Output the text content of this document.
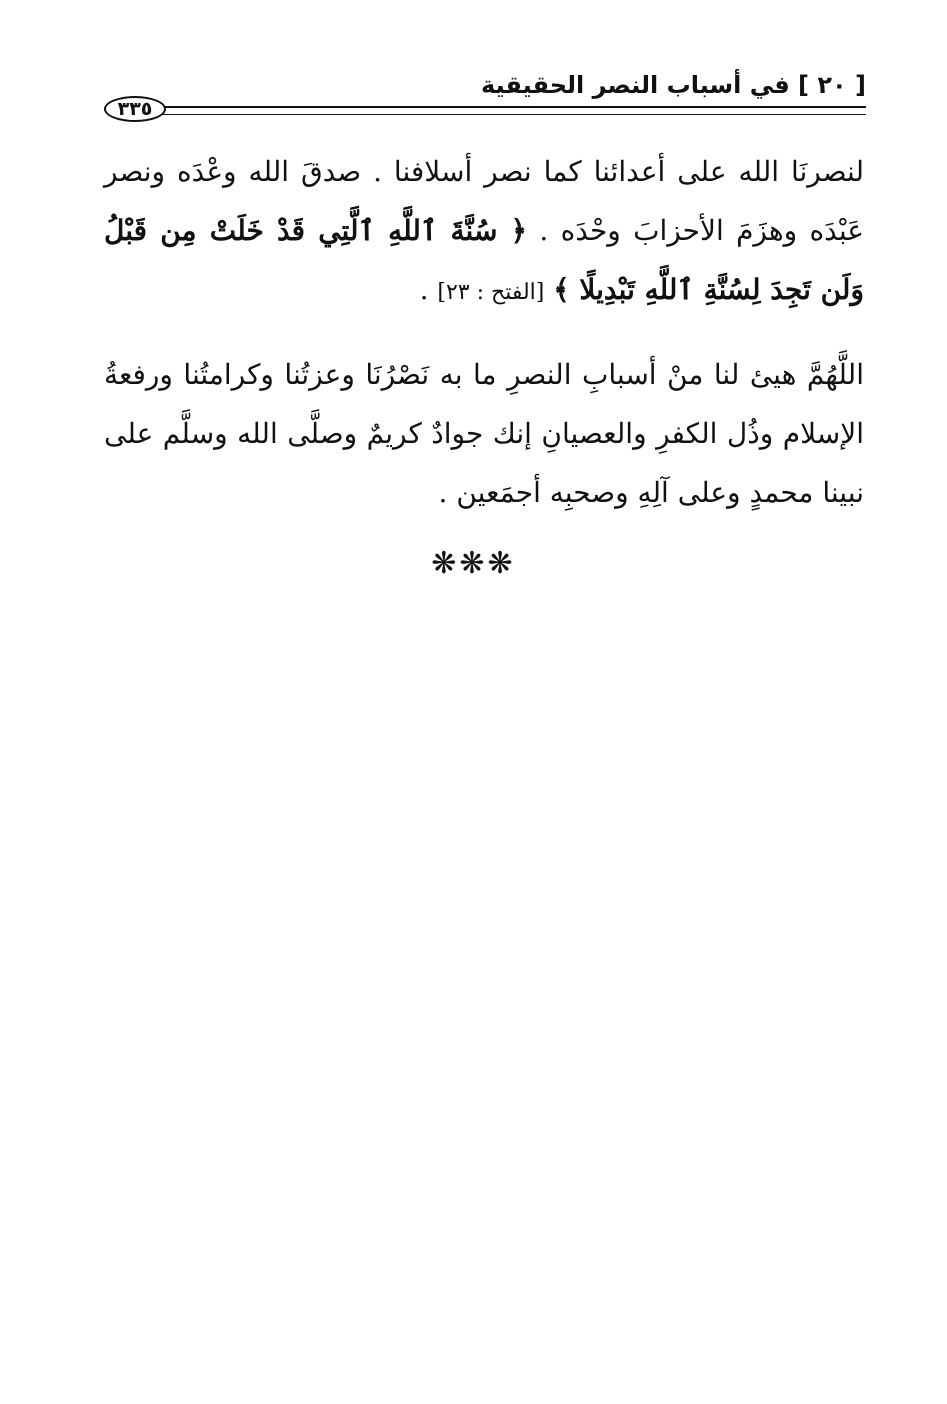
[ ٢٠ ] في أسباب النصر الحقيقية
٣٣٥

لنصرنَا الله على أعدائنا كما نصر أسلافنا . صدقَ الله وعْدَه ونصر عَبْدَه وهزَمَ الأحزابَ وحْدَه . ﴿ سُنَّةَ ٱللَّهِ ٱلَّتِي قَدْ خَلَتْ مِن قَبْلُ وَلَن تَجِدَ لِسُنَّةِ ٱللَّهِ تَبْدِيلًا ﴾ [الفتح : ٢٣] .

اللَّهُمَّ هيئ لنا منْ أسبابِ النصرِ ما به نَصْرُنَا وعزتُنا وكرامتُنا ورفعةُ الإسلام وذُل الكفرِ والعصيانِ إنك جوادٌ كريمٌ وصلَّى الله وسلَّم على نبينا محمدٍ وعلى آلِهِ وصحبِه أجمَعين .

❋❋❋
